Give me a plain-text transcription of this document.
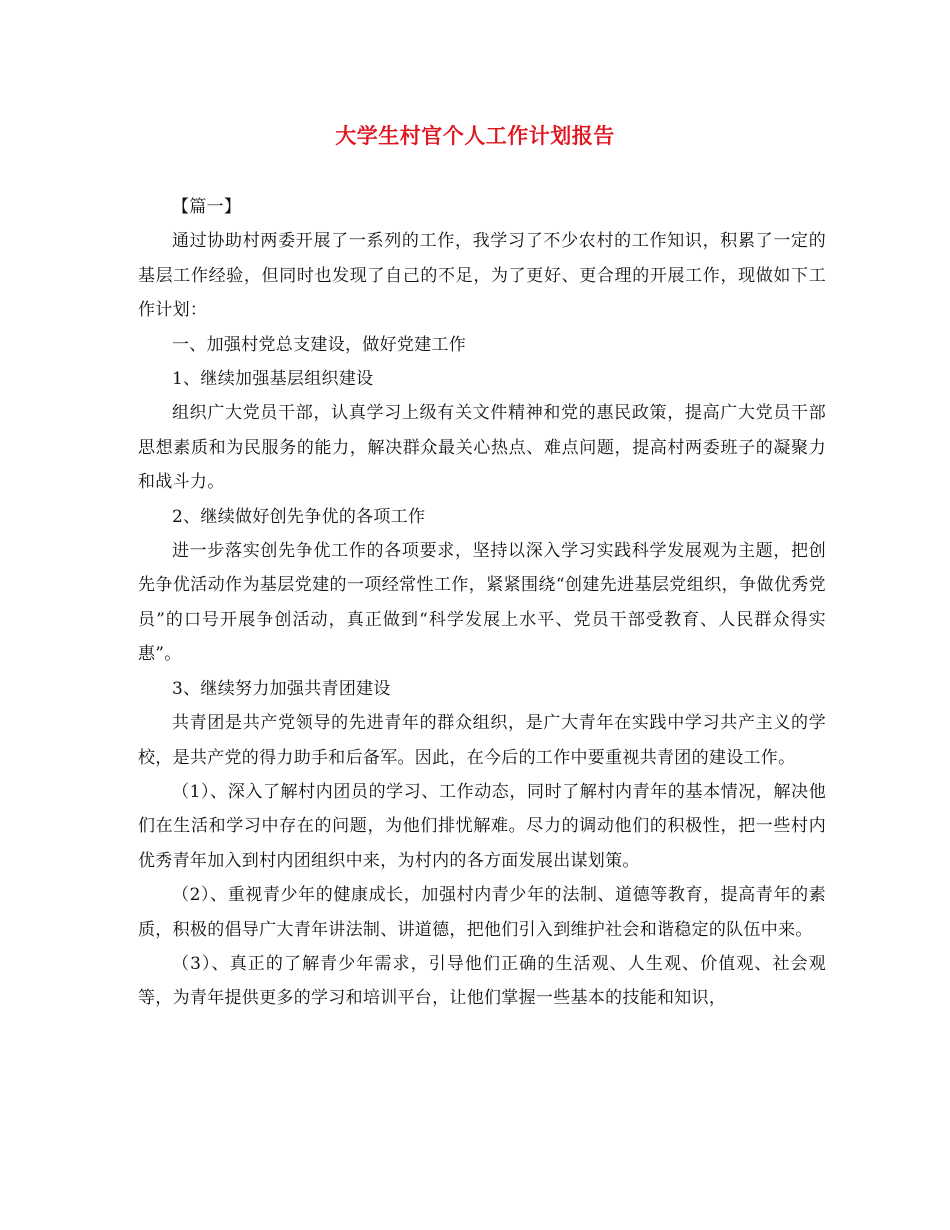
大学生村官个人工作计划报告

【篇一】

通过协助村两委开展了一系列的工作，我学习了不少农村的工作知识，积累了一定的基层工作经验，但同时也发现了自己的不足，为了更好、更合理的开展工作，现做如下工作计划：

一、加强村党总支建设，做好党建工作

1、继续加强基层组织建设

组织广大党员干部，认真学习上级有关文件精神和党的惠民政策，提高广大党员干部思想素质和为民服务的能力，解决群众最关心热点、难点问题，提高村两委班子的凝聚力和战斗力。

2、继续做好创先争优的各项工作

进一步落实创先争优工作的各项要求，坚持以深入学习实践科学发展观为主题，把创先争优活动作为基层党建的一项经常性工作，紧紧围绕“创建先进基层党组织，争做优秀党员”的口号开展争创活动，真正做到“科学发展上水平、党员干部受教育、人民群众得实惠”。

3、继续努力加强共青团建设

共青团是共产党领导的先进青年的群众组织，是广大青年在实践中学习共产主义的学校，是共产党的得力助手和后备军。因此，在今后的工作中要重视共青团的建设工作。

（1）、深入了解村内团员的学习、工作动态，同时了解村内青年的基本情况，解决他们在生活和学习中存在的问题，为他们排忧解难。尽力的调动他们的积极性，把一些村内优秀青年加入到村内团组织中来，为村内的各方面发展出谋划策。

（2）、重视青少年的健康成长，加强村内青少年的法制、道德等教育，提高青年的素质，积极的倡导广大青年讲法制、讲道德，把他们引入到维护社会和谐稳定的队伍中来。

（3）、真正的了解青少年需求，引导他们正确的生活观、人生观、价值观、社会观等，为青年提供更多的学习和培训平台，让他们掌握一些基本的技能和知识，
